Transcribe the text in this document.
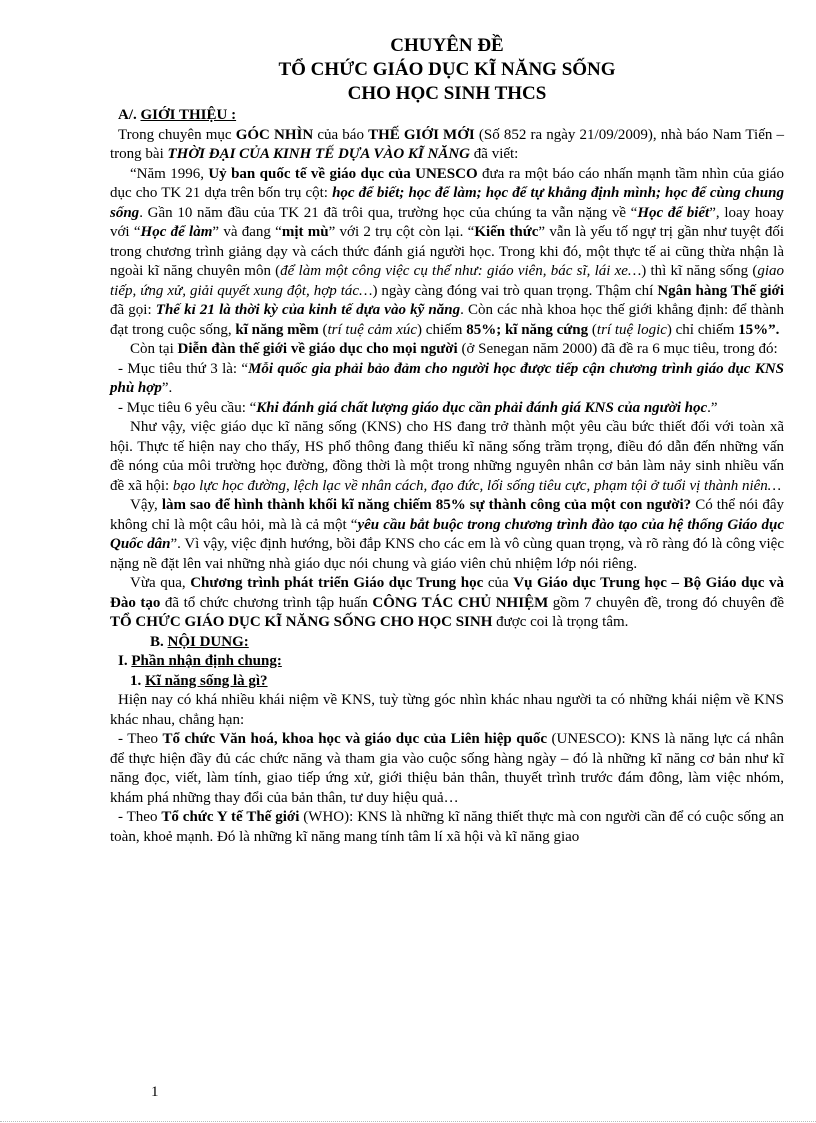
CHUYÊN ĐỀ

TỔ CHỨC GIÁO DỤC KĨ NĂNG SỐNG

CHO HỌC SINH THCS

A/. GIỚI THIỆU :

Trong chuyên mục GÓC NHÌN của báo THẾ GIỚI MỚI (Số 852 ra ngày 21/09/2009), nhà báo Nam Tiến – trong bài THỜI ĐẠI CỦA KINH TẾ DỰA VÀO KĨ NĂNG đã viết:

“Năm 1996, Uỷ ban quốc tế về giáo dục của UNESCO đưa ra một báo cáo nhấn mạnh tầm nhìn của giáo dục cho TK 21 dựa trên bốn trụ cột: học để biết; học để làm; học để tự khẳng định mình; học để cùng chung sống. Gần 10 năm đầu của TK 21 đã trôi qua, trường học của chúng ta vẫn nặng về “Học để biết”, loay hoay với “Học để làm” và đang “mịt mù” với 2 trụ cột còn lại. “Kiến thức” vẫn là yếu tố ngự trị gần như tuyệt đối trong chương trình giảng dạy và cách thức đánh giá người học. Trong khi đó, một thực tế ai cũng thừa nhận là ngoài kĩ năng chuyên môn (để làm một công việc cụ thể như: giáo viên, bác sĩ, lái xe…) thì kĩ năng sống (giao tiếp, ứng xử, giải quyết xung đột, hợp tác…) ngày càng đóng vai trò quan trọng. Thậm chí Ngân hàng Thế giới đã gọi: Thế kỉ 21 là thời kỳ của kinh tế dựa vào kỹ năng. Còn các nhà khoa học thế giới khẳng định: để thành đạt trong cuộc sống, kĩ năng mềm (trí tuệ cảm xúc) chiếm 85%; kĩ năng cứng (trí tuệ logic) chỉ chiếm 15%”.

Còn tại Diễn đàn thế giới về giáo dục cho mọi người (ở Senegan năm 2000) đã đề ra 6 mục tiêu, trong đó:

- Mục tiêu thứ 3 là: “Mỗi quốc gia phải bảo đảm cho người học được tiếp cận chương trình giáo dục KNS phù hợp”.

- Mục tiêu 6 yêu cầu: “Khi đánh giá chất lượng giáo dục cần phải đánh giá KNS của người học.”

Như vậy, việc giáo dục kĩ năng sống (KNS) cho HS đang trở thành một yêu cầu bức thiết đối với toàn xã hội. Thực tế hiện nay cho thấy, HS phổ thông đang thiếu kĩ năng sống trầm trọng, điều đó dẫn đến những vấn đề nóng của môi trường học đường, đồng thời là một trong những nguyên nhân cơ bản làm nảy sinh nhiều vấn đề xã hội: bạo lực học đường, lệch lạc về nhân cách, đạo đức, lối sống tiêu cực, phạm tội ở tuổi vị thành niên…

Vậy, làm sao để hình thành khối kĩ năng chiếm 85% sự thành công của một con người? Có thể nói đây không chỉ là một câu hỏi, mà là cả một “yêu cầu bắt buộc trong chương trình đào tạo của hệ thống Giáo dục Quốc dân”. Vì vậy, việc định hướng, bồi đắp KNS cho các em là vô cùng quan trọng, và rõ ràng đó là công việc nặng nề đặt lên vai những nhà giáo dục nói chung và giáo viên chủ nhiệm lớp nói riêng.

Vừa qua, Chương trình phát triển Giáo dục Trung học của Vụ Giáo dục Trung học – Bộ Giáo dục và Đào tạo đã tổ chức chương trình tập huấn CÔNG TÁC CHỦ NHIỆM gồm 7 chuyên đề, trong đó chuyên đề TỔ CHỨC GIÁO DỤC KĨ NĂNG SỐNG CHO HỌC SINH được coi là trọng tâm.

B. NỘI DUNG:

I. Phần nhận định chung:

1. Kĩ năng sống là gì?

Hiện nay có khá nhiều khái niệm về KNS, tuỳ từng góc nhìn khác nhau người ta có những khái niệm về KNS khác nhau, chẳng hạn:

- Theo Tổ chức Văn hoá, khoa học và giáo dục của Liên hiệp quốc (UNESCO): KNS là năng lực cá nhân để thực hiện đầy đủ các chức năng và tham gia vào cuộc sống hàng ngày – đó là những kĩ năng cơ bản như kĩ năng đọc, viết, làm tính, giao tiếp ứng xử, giới thiệu bản thân, thuyết trình trước đám đông, làm việc nhóm, khám phá những thay đổi của bản thân, tư duy hiệu quả…

- Theo Tổ chức Y tế Thế giới (WHO): KNS là những kĩ năng thiết thực mà con người cần để có cuộc sống an toàn, khoẻ mạnh. Đó là những kĩ năng mang tính tâm lí xã hội và kĩ năng giao

1
